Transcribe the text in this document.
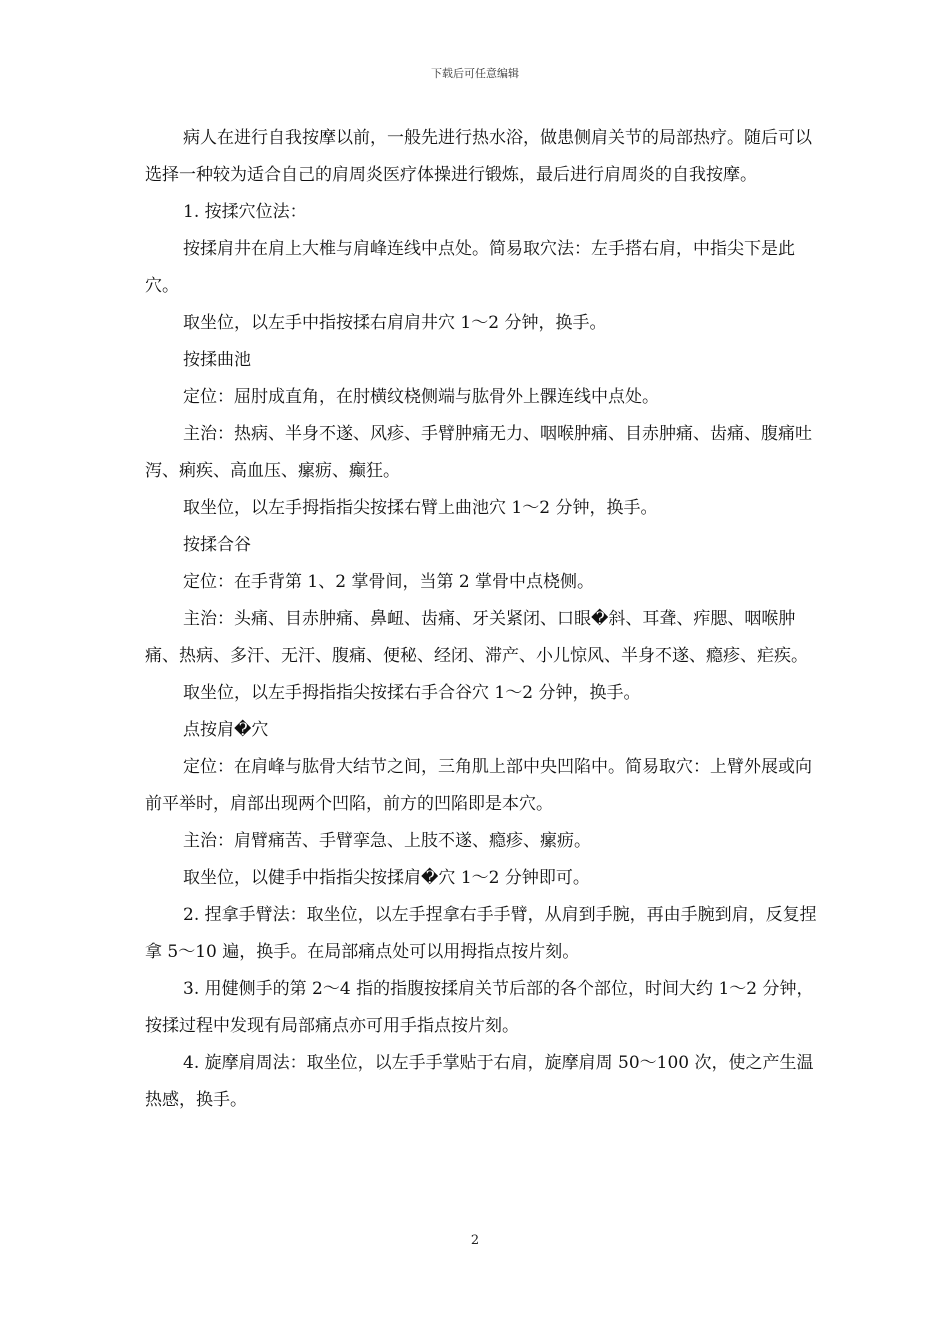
下载后可任意编辑

病人在进行自我按摩以前，一般先进行热水浴，做患侧肩关节的局部热疗。随后可以选择一种较为适合自己的肩周炎医疗体操进行锻炼，最后进行肩周炎的自我按摩。

1. 按揉穴位法：

按揉肩井在肩上大椎与肩峰连线中点处。简易取穴法：左手搭右肩，中指尖下是此穴。

取坐位，以左手中指按揉右肩肩井穴 1～2 分钟，换手。

按揉曲池

定位：屈肘成直角，在肘横纹桡侧端与肱骨外上髁连线中点处。

主治：热病、半身不遂、风疹、手臂肿痛无力、咽喉肿痛、目赤肿痛、齿痛、腹痛吐泻、痢疾、高血压、瘰疬、癫狂。

取坐位，以左手拇指指尖按揉右臂上曲池穴 1～2 分钟，换手。

按揉合谷

定位：在手背第 1、2 掌骨间，当第 2 掌骨中点桡侧。

主治：头痛、目赤肿痛、鼻衄、齿痛、牙关紧闭、口眼�斜、耳聋、痄腮、咽喉肿痛、热病、多汗、无汗、腹痛、便秘、经闭、滞产、小儿惊风、半身不遂、瘾疹、疟疾。

取坐位，以左手拇指指尖按揉右手合谷穴 1～2 分钟，换手。

点按肩�穴

定位：在肩峰与肱骨大结节之间，三角肌上部中央凹陷中。简易取穴：上臂外展或向前平举时，肩部出现两个凹陷，前方的凹陷即是本穴。

主治：肩臂痛苦、手臂挛急、上肢不遂、瘾疹、瘰疬。

取坐位，以健手中指指尖按揉肩�穴 1～2 分钟即可。

2. 捏拿手臂法：取坐位，以左手捏拿右手手臂，从肩到手腕，再由手腕到肩，反复捏拿 5～10 遍，换手。在局部痛点处可以用拇指点按片刻。

3. 用健侧手的第 2～4 指的指腹按揉肩关节后部的各个部位，时间大约 1～2 分钟，按揉过程中发现有局部痛点亦可用手指点按片刻。

4. 旋摩肩周法：取坐位，以左手手掌贴于右肩，旋摩肩周 50～100 次，使之产生温热感，换手。

2
